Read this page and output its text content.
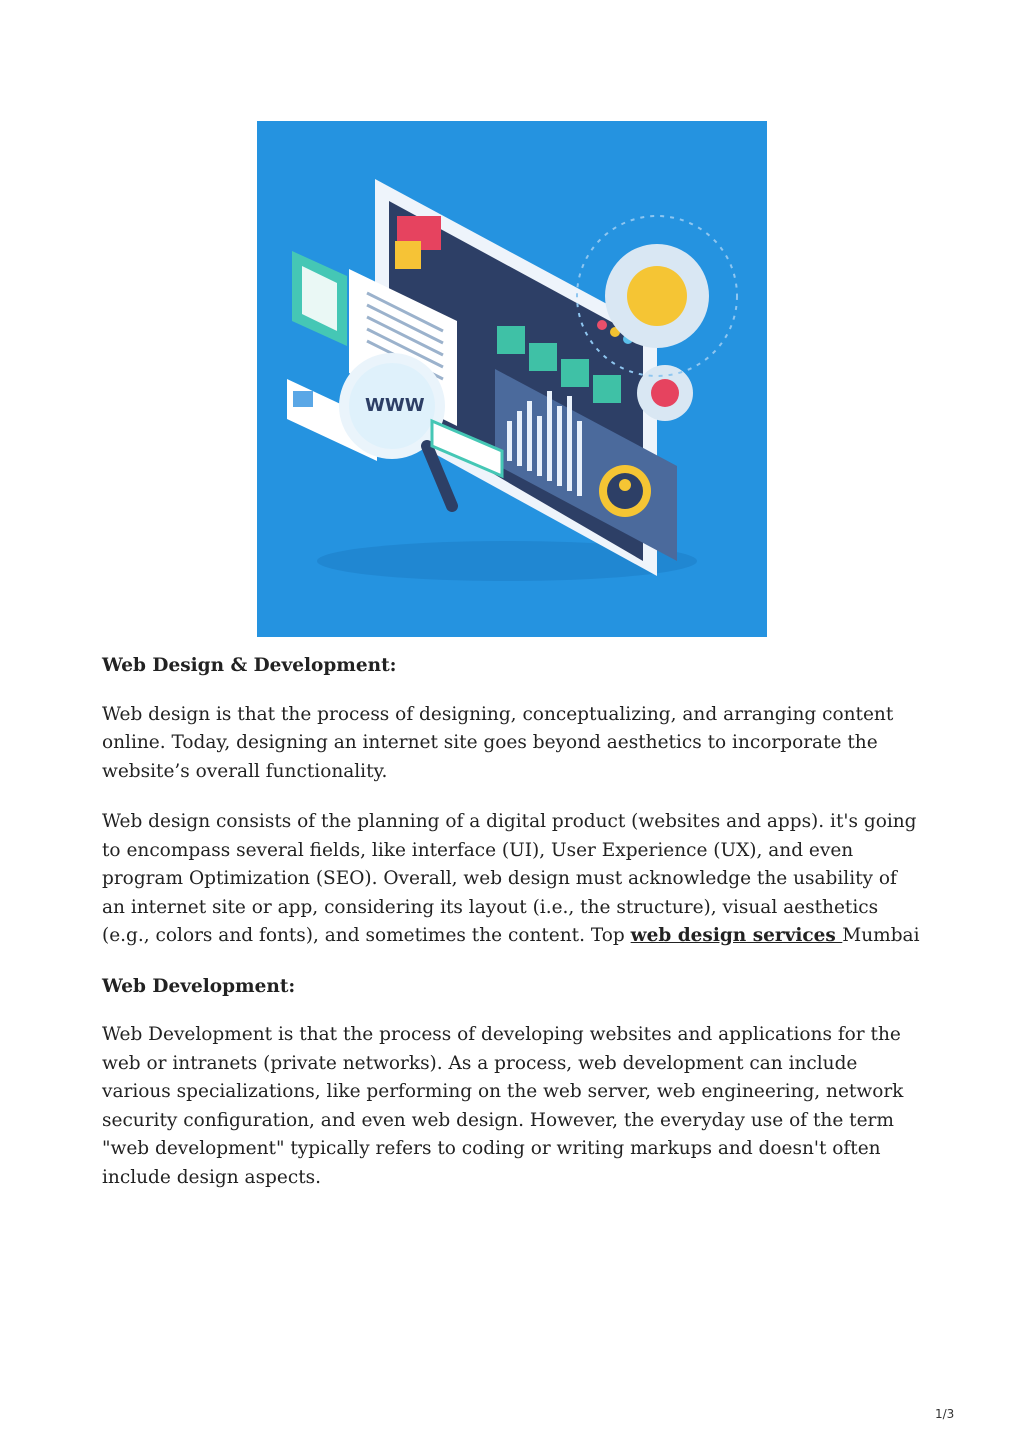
WWW

Web Design & Development:

Web design is that the process of designing, conceptualizing, and arranging content online. Today, designing an internet site goes beyond aesthetics to incorporate the website’s overall functionality.

Web design consists of the planning of a digital product (websites and apps). it's going to encompass several fields, like interface (UI), User Experience (UX), and even program Optimization (SEO). Overall, web design must acknowledge the usability of an internet site or app, considering its layout (i.e., the structure), visual aesthetics (e.g., colors and fonts), and sometimes the content. Top web design services Mumbai

Web Development:

Web Development is that the process of developing websites and applications for the web or intranets (private networks). As a process, web development can include various specializations, like performing on the web server, web engineering, network security configuration, and even web design. However, the everyday use of the term "web development" typically refers to coding or writing markups and doesn't often include design aspects.

1/3
